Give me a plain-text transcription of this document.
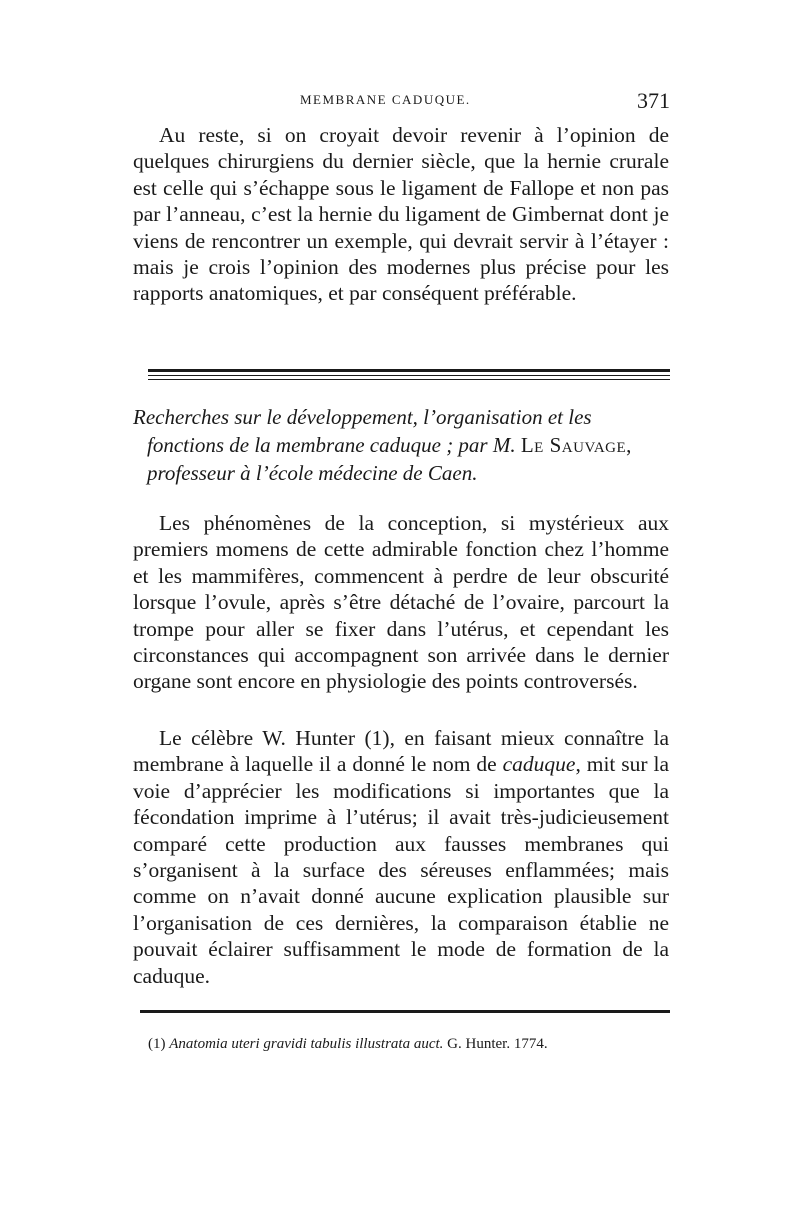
MEMBRANE CADUQUE.	371

Au reste, si on croyait devoir revenir à l’opinion de quelques chirurgiens du dernier siècle, que la hernie crurale est celle qui s’échappe sous le ligament de Fallope et non pas par l’anneau, c’est la hernie du ligament de Gimbernat dont je viens de rencontrer un exemple, qui devrait servir à l’étayer : mais je crois l’opinion des modernes plus précise pour les rapports anatomiques, et par conséquent préférable.

Recherches sur le développement, l’organisation et les
fonctions de la membrane caduque ; par M. Le Sauvage,
professeur à l’école médecine de Caen.

Les phénomènes de la conception, si mystérieux aux premiers momens de cette admirable fonction chez l’homme et les mammifères, commencent à perdre de leur obscurité lorsque l’ovule, après s’être détaché de l’ovaire, parcourt la trompe pour aller se fixer dans l’utérus, et cependant les circonstances qui accompagnent son arrivée dans le dernier organe sont encore en physiologie des points controversés.

Le célèbre W. Hunter (1), en faisant mieux connaître la membrane à laquelle il a donné le nom de caduque, mit sur la voie d’apprécier les modifications si importantes que la fécondation imprime à l’utérus; il avait très-judicieusement comparé cette production aux fausses membranes qui s’organisent à la surface des séreuses enflammées; mais comme on n’avait donné aucune explication plausible sur l’organisation de ces dernières, la comparaison établie ne pouvait éclairer suffisamment le mode de formation de la caduque.

(1) Anatomia uteri gravidi tabulis illustrata auct. G. Hunter. 1774.
